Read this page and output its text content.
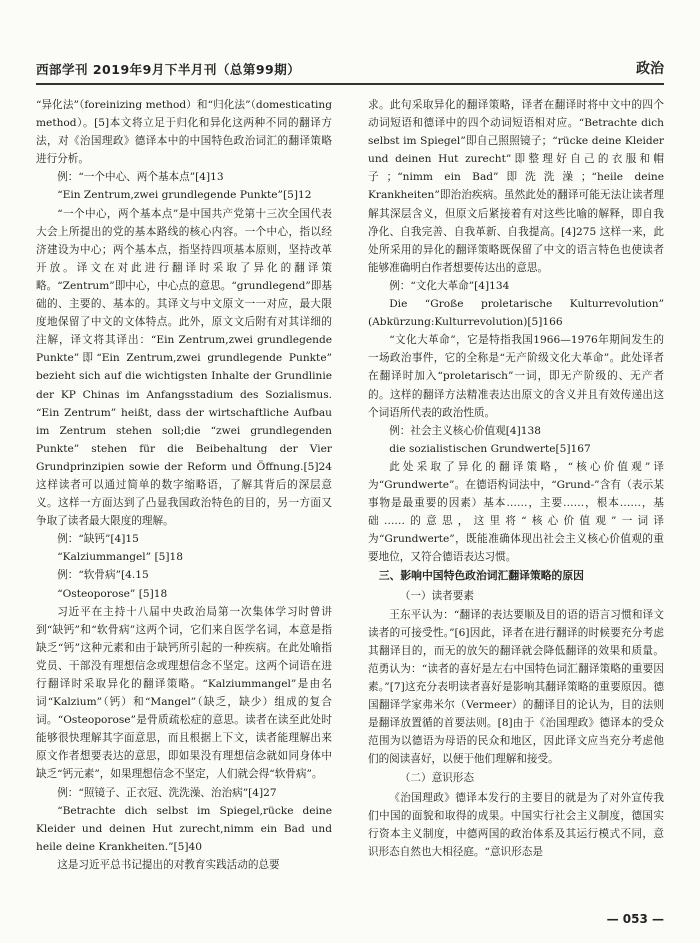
西部学刊 2019年9月下半月刊（总第99期）	政治

“异化法”（foreinizing method）和“归化法”（domesticating method）。[5]本文将立足于归化和异化这两种不同的翻译方法，对《治国理政》德译本中的中国特色政治词汇的翻译策略进行分析。

例：“一个中心、两个基本点”[4]13

“Ein Zentrum,zwei grundlegende Punkte”[5]12

“一个中心，两个基本点”是中国共产党第十三次全国代表大会上所提出的党的基本路线的核心内容。一个中心，指以经济建设为中心；两个基本点，指坚持四项基本原则，坚持改革开放。译文在对此进行翻译时采取了异化的翻译策略。“Zentrum”即中心，中心点的意思。“grundlegend”即基础的、主要的、基本的。其译文与中文原文一一对应，最大限度地保留了中文的文体特点。此外，原文文后附有对其详细的注解，译文将其译出：“Ein Zentrum,zwei grundlegende Punkte”即“Ein Zentrum,zwei grundlegende Punkte” bezieht sich auf die wichtigsten Inhalte der Grundlinie der KP Chinas im Anfangsstadium des Sozialismus. “Ein Zentrum” heißt, dass der wirtschaftliche Aufbau im Zentrum stehen soll;die “zwei grundlegenden Punkte” stehen für die Beibehaltung der Vier Grundprinzipien sowie der Reform und Öffnung.[5]24 这样读者可以通过简单的数字缩略语，了解其背后的深层意义。这样一方面达到了凸显我国政治特色的目的，另一方面又争取了读者最大限度的理解。

例：“缺钙”[4]15

“Kalziummangel” [5]18

例：“软骨病”[4.15

“Osteoporose” [5]18

习近平在主持十八届中央政治局第一次集体学习时曾讲到“缺钙”和“软骨病”这两个词，它们来自医学名词，本意是指缺乏“钙”这种元素和由于缺钙所引起的一种疾病。在此处喻指党员、干部没有理想信念或理想信念不坚定。这两个词语在进行翻译时采取异化的翻译策略。“Kalziummangel”是由名词“Kalzium”（钙）和“Mangel”（缺乏，缺少）组成的复合词。“Osteoporose”是骨质疏松症的意思。读者在读至此处时能够很快理解其字面意思，而且根据上下文，读者能理解出来原文作者想要表达的意思，即如果没有理想信念就如同身体中缺乏“钙元素”，如果理想信念不坚定，人们就会得“软骨病”。

例：“照镜子、正衣冠、洗洗澡、治治病”[4]27

“Betrachte dich selbst im Spiegel,rücke deine Kleider und deinen Hut zurecht,nimm ein Bad und heile deine Krankheiten.”[5]40

这是习近平总书记提出的对教育实践活动的总要

求。此句采取异化的翻译策略，译者在翻译时将中文中的四个动词短语和德译中的四个动词短语相对应。“Betrachte dich selbst im Spiegel”即自己照照镜子；“rücke deine Kleider und deinen Hut zurecht”即整理好自己的衣服和帽子；“nimm ein Bad”即洗洗澡；“heile deine Krankheiten”即治治疾病。虽然此处的翻译可能无法让读者理解其深层含义，但原文后紧接着有对这些比喻的解释，即自我净化、自我完善、自我革新、自我提高。[4]275 这样一来，此处所采用的异化的翻译策略既保留了中文的语言特色也使读者能够准确明白作者想要传达出的意思。

例：“文化大革命”[4]134

Die “Große proletarische Kulturrevolution” (Abkürzung:Kulturrevolution)[5]166

“文化大革命”，它是特指我国1966—1976年期间发生的一场政治事件，它的全称是“无产阶级文化大革命”。此处译者在翻译时加入“proletarisch”一词，即无产阶级的、无产者的。这样的翻译方法精准表达出原文的含义并且有效传递出这个词语所代表的政治性质。

例：社会主义核心价值观[4]138

die sozialistischen Grundwerte[5]167

此处采取了异化的翻译策略，“核心价值观”译为“Grundwerte”。在德语构词法中，“Grund-”含有（表示某事物是最重要的因素）基本……，主要……，根本……，基础……的意思，这里将“核心价值观”一词译为“Grundwerte”，既能准确体现出社会主义核心价值观的重要地位，又符合德语表达习惯。

三、影响中国特色政治词汇翻译策略的原因
（一）读者要素

王东平认为：“翻译的表达要顺及目的语的语言习惯和译文读者的可接受性。”[6]因此，译者在进行翻译的时候要充分考虑其翻译目的，而无的放矢的翻译就会降低翻译的效果和质量。范勇认为：“读者的喜好是左右中国特色词汇翻译策略的重要因素。”[7]这充分表明读者喜好是影响其翻译策略的重要原因。德国翻译学家弗米尔（Vermeer）的翻译目的论认为，目的法则是翻译放置循的首要法则。[8]由于《治国理政》德译本的受众范围为以德语为母语的民众和地区，因此译文应当充分考虑他们的阅读喜好，以便于他们理解和接受。

（二）意识形态

《治国理政》德译本发行的主要目的就是为了对外宣传我们中国的面貌和取得的成果。中国实行社会主义制度，德国实行资本主义制度，中德两国的政治体系及其运行模式不同，意识形态自然也大相径庭。“意识形态是

— 053 —
